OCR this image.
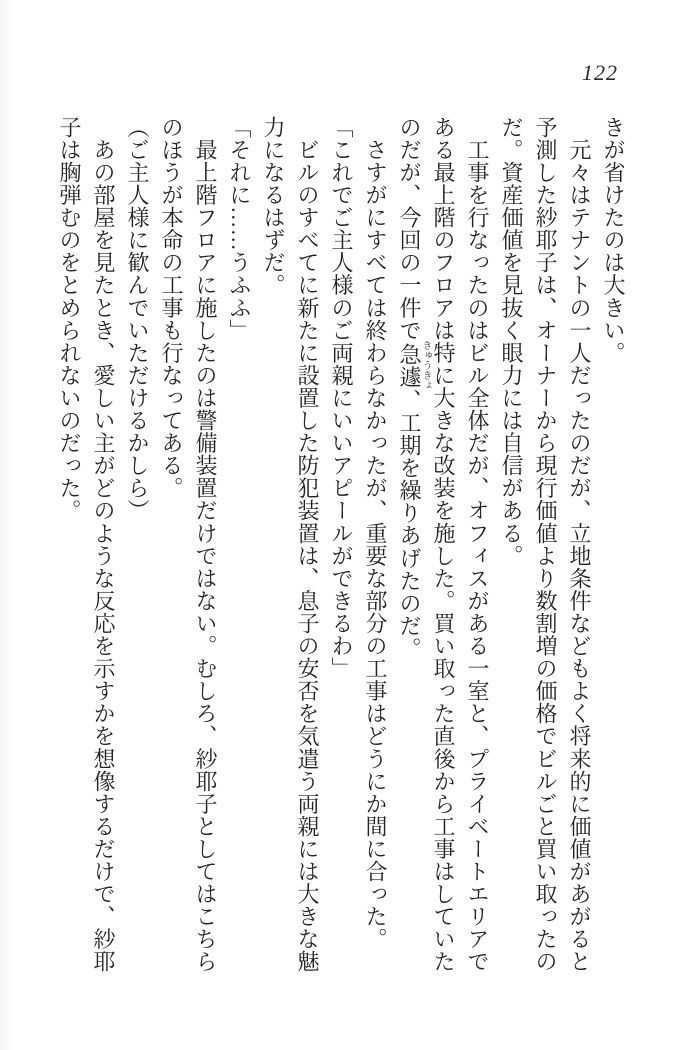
122

きが省けたのは大きい。

　元々はテナントの一人だったのだが、立地条件などもよく将来的に価値があがると予測した紗耶子は、オーナーから現行価値より数割増の価格でビルごと買い取ったのだ。資産価値を見抜く眼力には自信がある。

　工事を行なったのはビル全体だが、オフィスがある一室と、プライベートエリアである最上階のフロアは特に大きな改装を施した。買い取った直後から工事はしていたのだが、今回の一件で急遽きゅうきょ、工期を繰りあげたのだ。

　さすがにすべては終わらなかったが、重要な部分の工事はどうにか間に合った。

「これでご主人様のご両親にいいアピールができるわ」

　ビルのすべてに新たに設置した防犯装置は、息子の安否を気遣う両親には大きな魅力になるはずだ。

「それに……うふふ」

　最上階フロアに施したのは警備装置だけではない。むしろ、紗耶子としてはこちらのほうが本命の工事も行なってある。

（ご主人様に歓んでいただけるかしら）

　あの部屋を見たとき、愛しい主がどのような反応を示すかを想像するだけで、紗耶子は胸弾むのをとめられないのだった。
